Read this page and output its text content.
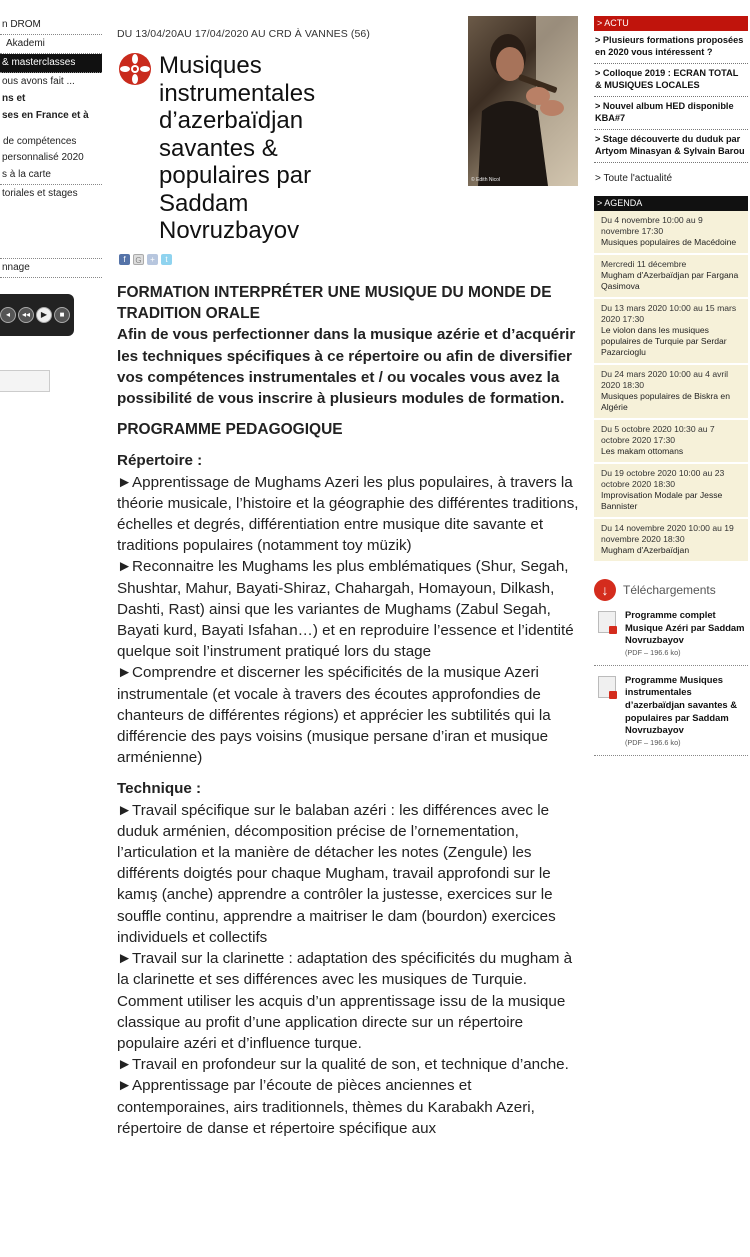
n DROM
Akademi
& masterclasses
ous avons fait ...
ns et
ses en France et à
de compétences
personnalisé 2020
s à la carte
toriales et stages
nnage
◂	◂◂	▶	■
DU 13/04/20AU 17/04/2020 AU CRD À VANNES (56)
Musiques instrumentales d’azerbaïdjan savantes & populaires par Saddam Novruzbayov
© Edith Nicol
f	G	+	t
FORMATION INTERPRÉTER UNE MUSIQUE DU MONDE DE TRADITION ORALE

Afin de vous perfectionner dans la musique azérie et d’acquérir les techniques spécifiques à ce répertoire ou afin de diversifier vos compétences instrumentales et / ou vocales vous avez la possibilité de vous inscrire à plusieurs modules de formation.

PROGRAMME PEDAGOGIQUE

Répertoire :

►Apprentissage de Mughams Azeri les plus populaires, à travers la théorie musicale, l’histoire et la géographie des différentes traditions, échelles et degrés, différentiation entre musique dite savante et traditions populaires (notamment toy müzik)

►Reconnaitre les Mughams les plus emblématiques (Shur, Segah, Shushtar, Mahur, Bayati-Shiraz, Chahargah, Homayoun, Dilkash, Dashti, Rast) ainsi que les variantes de Mughams (Zabul Segah, Bayati kurd, Bayati Isfahan…) et en reproduire l’essence et l’identité quelque soit l’instrument pratiqué lors du stage

►Comprendre et discerner les spécificités de la musique Azeri instrumentale (et vocale à travers des écoutes approfondies de chanteurs de différentes régions) et apprécier les subtilités qui la différencie des pays voisins (musique persane d’iran et musique arménienne)

Technique :

►Travail spécifique sur le balaban azéri : les différences avec le duduk arménien, décomposition précise de l’ornementation, l’articulation et la manière de détacher les notes (Zengule) les différents doigtés pour chaque Mugham, travail approfondi sur le kamış (anche) apprendre a contrôler la justesse, exercices sur le souffle continu, apprendre a maitriser le dam (bourdon) exercices individuels et collectifs

►Travail sur la clarinette : adaptation des spécificités du mugham à la clarinette et ses différences avec les musiques de Turquie. Comment utiliser les acquis d’un apprentissage issu de la musique classique au profit d’une application directe sur un répertoire populaire azéri et d’influence turque.

►Travail en profondeur sur la qualité de son, et technique d’anche.

►Apprentissage par l’écoute de pièces anciennes et contemporaines, airs traditionnels, thèmes du Karabakh Azeri, répertoire de danse et répertoire spécifique aux

> ACTU
> Plusieurs formations proposées en 2020 vous intéressent ?
> Colloque 2019 : ECRAN TOTAL & MUSIQUES LOCALES
> Nouvel album HED disponible KBA#7
> Stage découverte du duduk par Artyom Minasyan & Sylvain Barou
> Toute l'actualité
> AGENDA
Du 4 novembre 10:00 au 9 novembre 17:30
Musiques populaires de Macédoine
Mercredi 11 décembre
Mugham d'Azerbaïdjan par Fargana Qasimova
Du 13 mars 2020 10:00 au 15 mars 2020 17:30
Le violon dans les musiques populaires de Turquie par Serdar Pazarcioglu
Du 24 mars 2020 10:00 au 4 avril 2020 18:30
Musiques populaires de Biskra en Algérie
Du 5 octobre 2020 10:30 au 7 octobre 2020 17:30
Les makam ottomans
Du 19 octobre 2020 10:00 au 23 octobre 2020 18:30
Improvisation Modale par Jesse Bannister
Du 14 novembre 2020 10:00 au 19 novembre 2020 18:30
Mugham d'Azerbaïdjan
↓	Téléchargements
Programme complet Musique Azéri par Saddam Novruzbayov
(PDF – 196.6 ko)
Programme Musiques instrumentales d’azerbaïdjan savantes & populaires par Saddam Novruzbayov
(PDF – 196.6 ko)
